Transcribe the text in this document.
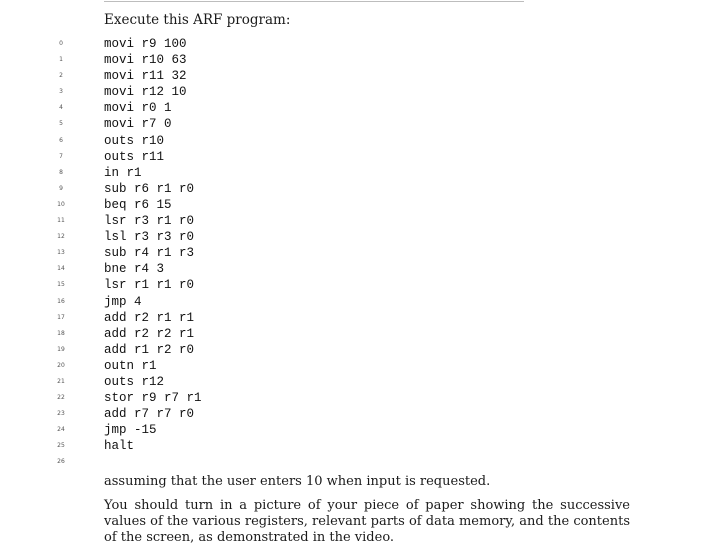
Execute this ARF program:

0	movi r9 100
1	movi r10 63
2	movi r11 32
3	movi r12 10
4	movi r0 1
5	movi r7 0
6	outs r10
7	outs r11
8	in r1
9	sub r6 r1 r0
10	beq r6 15
11	lsr r3 r1 r0
12	lsl r3 r3 r0
13	sub r4 r1 r3
14	bne r4 3
15	lsr r1 r1 r0
16	jmp 4
17	add r2 r1 r1
18	add r2 r2 r1
19	add r1 r2 r0
20	outn r1
21	outs r12
22	stor r9 r7 r1
23	add r7 r7 r0
24	jmp -15
25	halt
26

assuming that the user enters 10 when input is requested.

You should turn in a picture of your piece of paper showing the successive values of the various registers, relevant parts of data memory, and the contents of the screen, as demonstrated in the video.
